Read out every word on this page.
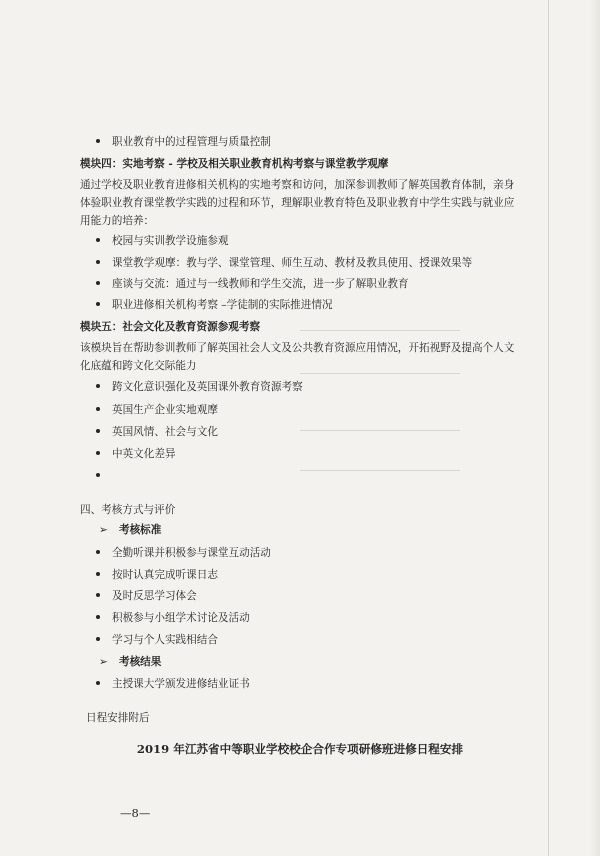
职业教育中的过程管理与质量控制
模块四：实地考察 - 学校及相关职业教育机构考察与课堂教学观摩
通过学校及职业教育进修相关机构的实地考察和访问，加深参训教师了解英国教育体制，亲身
体验职业教育课堂教学实践的过程和环节，理解职业教育特色及职业教育中学生实践与就业应
用能力的培养：
校园与实训教学设施参观
课堂教学观摩：教与学、课堂管理、师生互动、教材及教具使用、授课效果等
座谈与交流：通过与一线教师和学生交流，进一步了解职业教育
职业进修相关机构考察 –学徒制的实际推进情况
模块五：社会文化及教育资源参观考察
该模块旨在帮助参训教师了解英国社会人文及公共教育资源应用情况，开拓视野及提高个人文
化底蕴和跨文化交际能力
跨文化意识强化及英国课外教育资源考察
英国生产企业实地观摩
英国风情、社会与文化
中英文化差异
四、考核方式与评价
➢ 考核标准
全勤听课并积极参与课堂互动活动
按时认真完成听课日志
及时反思学习体会
积极参与小组学术讨论及活动
学习与个人实践相结合
➢ 考核结果
主授课大学颁发进修结业证书
日程安排附后
2019 年江苏省中等职业学校校企合作专项研修班进修日程安排
—8—
